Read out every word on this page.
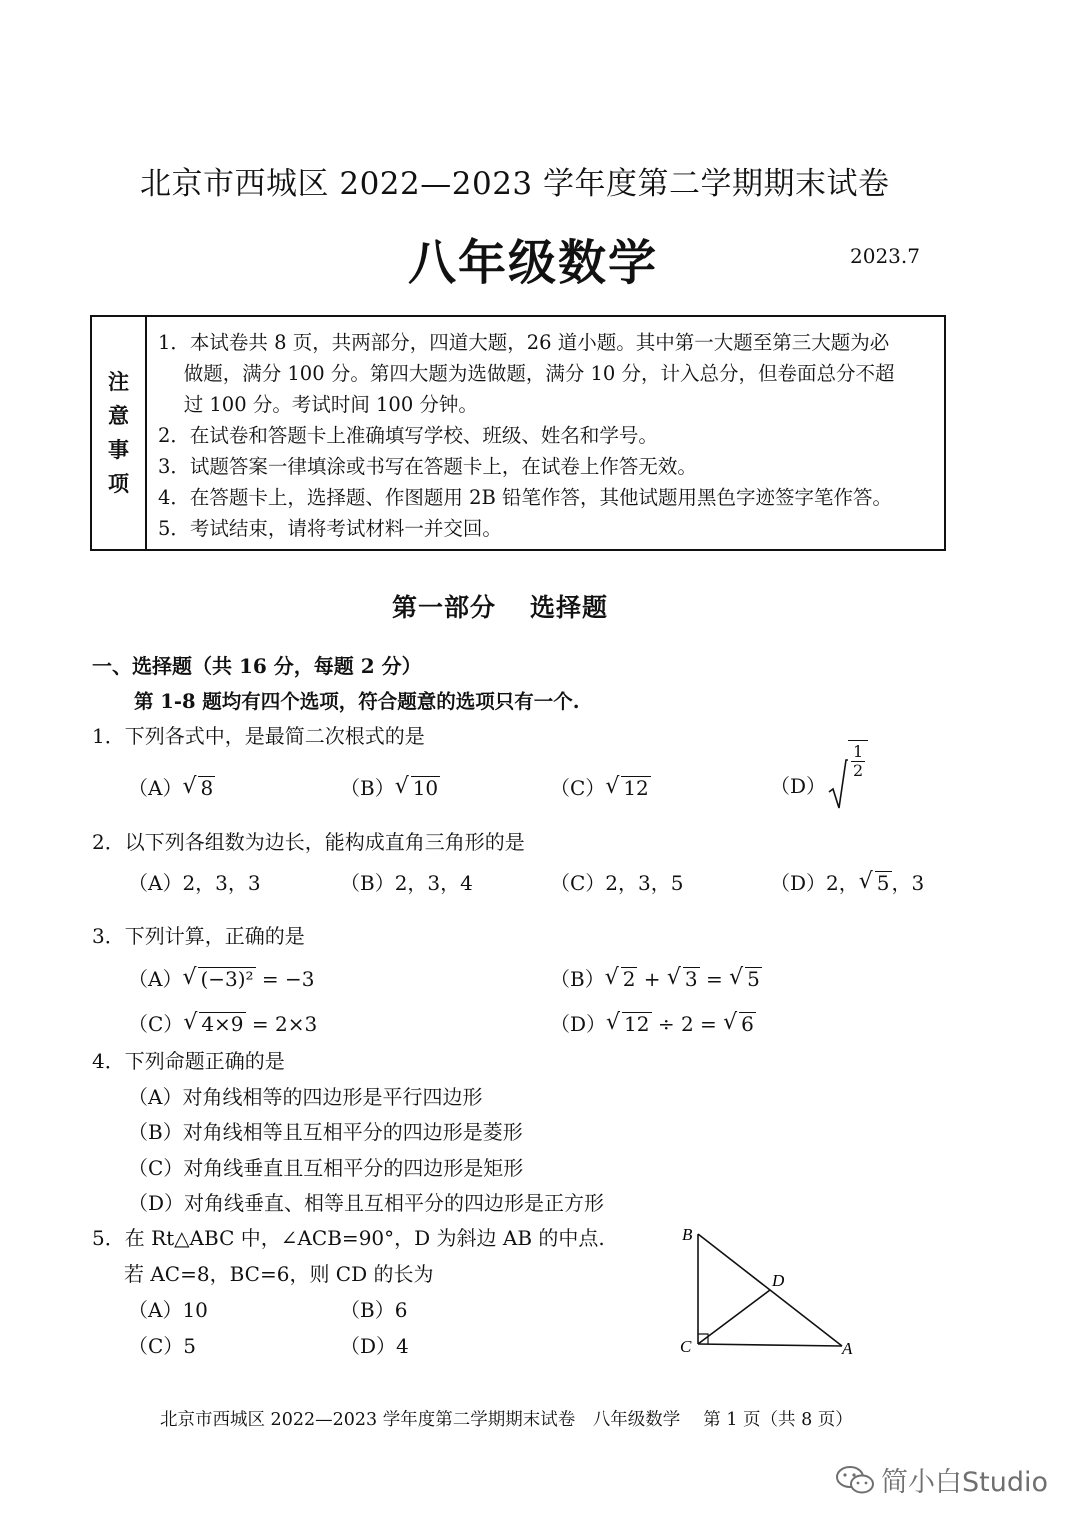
北京市西城区 2022—2023 学年度第二学期期末试卷
八年级数学	2023.7
注
意
事
项
1．本试卷共 8 页，共两部分，四道大题，26 道小题。其中第一大题至第三大题为必
　 做题，满分 100 分。第四大题为选做题，满分 10 分，计入总分，但卷面总分不超
　 过 100 分。考试时间 100 分钟。
2．在试卷和答题卡上准确填写学校、班级、姓名和学号。
3．试题答案一律填涂或书写在答题卡上，在试卷上作答无效。
4．在答题卡上，选择题、作图题用 2B 铅笔作答，其他试题用黑色字迹签字笔作答。
5．考试结束，请将考试材料一并交回。
第一部分 选择题
一、选择题（共 16 分，每题 2 分）
第 1-8 题均有四个选项，符合题意的选项只有一个.
1．下列各式中，是最简二次根式的是
（A） √ 8	（B） √ 10	（C） √ 12	（D）
$\frac{1}{2}$
2．以下列各组数为边长，能构成直角三角形的是
（A）2，3，3	（B）2，3，4	（C）2，3，5	（D）2， √ 5 ，3
3．下列计算，正确的是
（A） √ (−3)² = −3	（B） √ 2 + √ 3 = √ 5
（C） √ 4×9 = 2×3	（D） √ 12 ÷ 2 = √ 6
4．下列命题正确的是
（A）对角线相等的四边形是平行四边形
（B）对角线相等且互相平分的四边形是菱形
（C）对角线垂直且互相平分的四边形是矩形
（D）对角线垂直、相等且互相平分的四边形是正方形
5．在 Rt△ABC 中，∠ACB=90°，D 为斜边 AB 的中点.
若 AC=8，BC=6，则 CD 的长为
（A）10	（B）6
（C）5	（D）4
B
C	A
D
北京市西城区 2022—2023 学年度第二学期期末试卷　八年级数学　 第 1 页（共 8 页）
简小白Studio
